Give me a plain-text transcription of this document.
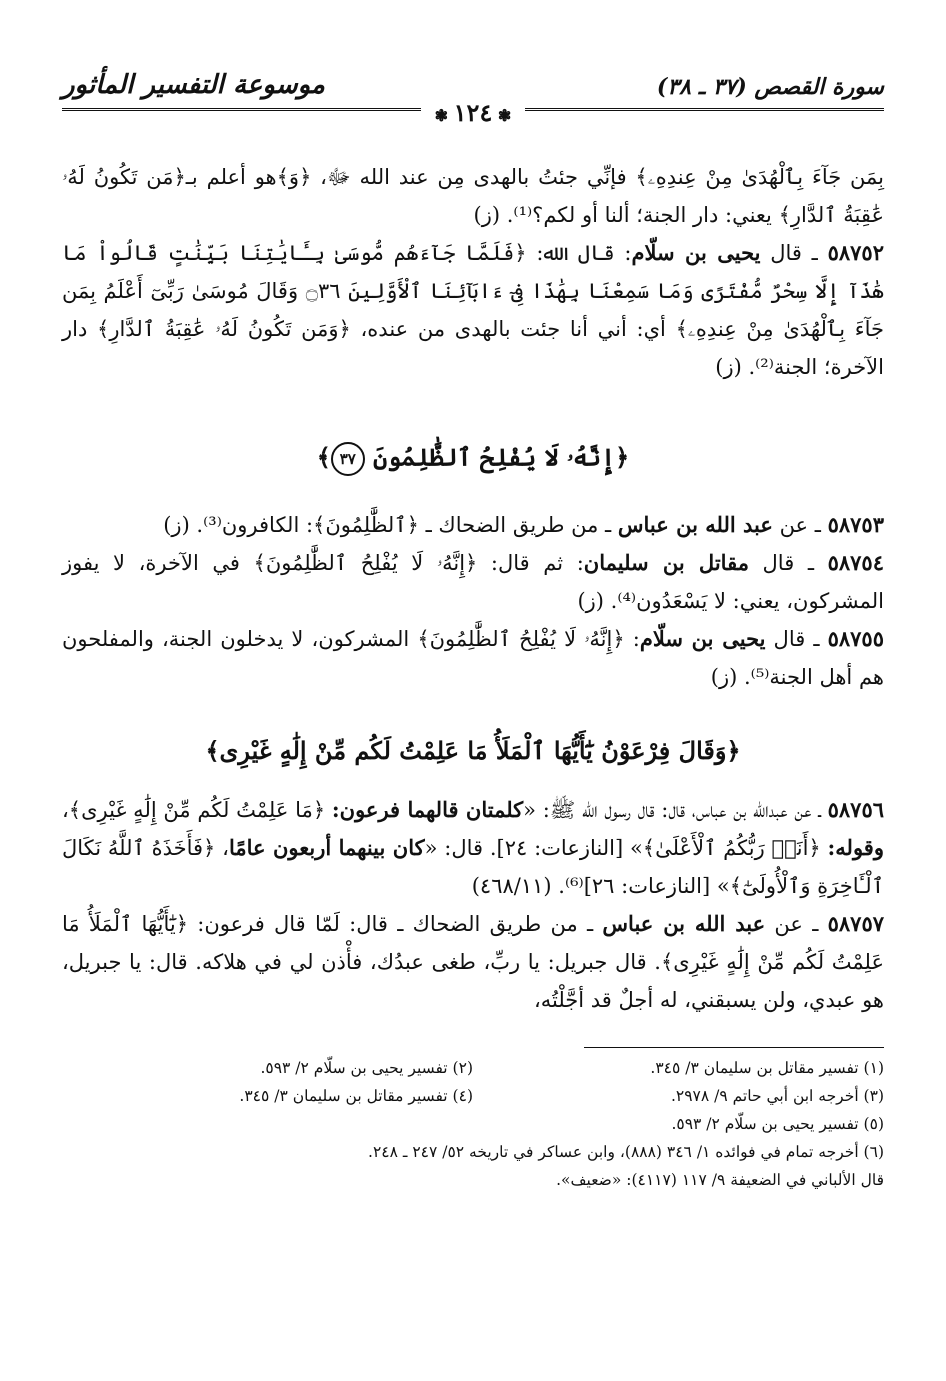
سورة القصص (٣٧ ـ ٣٨)
موسوعة التفسير المأثور
❃ ١٢٤ ❃

بِمَن جَآءَ بِٱلْهُدَىٰ مِنْ عِندِهِۦ﴾ فإنِّي جئتُ بالهدى مِن عند الله ﷻ، ﴿وَ﴾هو أعلم بـ﴿مَن تَكُونُ لَهُۥ عَٰقِبَةُ ٱلدَّارِ﴾ يعني: دار الجنة؛ ألنا أو لكم؟⁽¹⁾. (ز)

٥٨٧٥٢ ـ قال يحيى بن سلّام: قال الله: ﴿فَلَمَّا جَآءَهُم مُّوسَىٰ بِـَٔايَٰتِنَا بَيِّنَٰتٍ قَالُواْ مَا هَٰذَآ إِلَّا سِحْرٌ مُّفْتَرًى وَمَا سَمِعْنَا بِهَٰذَا فِىٓ ءَابَآئِنَا ٱلْأَوَّلِينَ ۝٣٦ وَقَالَ مُوسَىٰ رَبِّىٓ أَعْلَمُ بِمَن جَآءَ بِٱلْهُدَىٰ مِنْ عِندِهِۦ﴾ أي: أني أنا جئت بالهدى من عنده، ﴿وَمَن تَكُونُ لَهُۥ عَٰقِبَةُ ٱلدَّارِ﴾ دار الآخرة؛ الجنة⁽²⁾. (ز)

﴿إِنَّهُۥ لَا يُفْلِحُ ٱلظَّٰلِمُونَ ٣٧﴾

٥٨٧٥٣ ـ عن عبد الله بن عباس ـ من طريق الضحاك ـ ﴿ٱلظَّٰلِمُونَ﴾: الكافرون⁽³⁾. (ز)

٥٨٧٥٤ ـ قال مقاتل بن سليمان: ثم قال: ﴿إِنَّهُۥ لَا يُفْلِحُ ٱلظَّٰلِمُونَ﴾ في الآخرة، لا يفوز المشركون، يعني: لا يَسْعَدُون⁽⁴⁾. (ز)

٥٨٧٥٥ ـ قال يحيى بن سلّام: ﴿إِنَّهُۥ لَا يُفْلِحُ ٱلظَّٰلِمُونَ﴾ المشركون، لا يدخلون الجنة، والمفلحون هم أهل الجنة⁽⁵⁾. (ز)

﴿وَقَالَ فِرْعَوْنُ يَٰٓأَيُّهَا ٱلْمَلَأُ مَا عَلِمْتُ لَكُم مِّنْ إِلَٰهٍ غَيْرِى﴾

٥٨٧٥٦ ـ عن عبدالله بن عباس، قال: قال رسول الله ﷺ: «كلمتان قالهما فرعون: ﴿مَا عَلِمْتُ لَكُم مِّنْ إِلَٰهٍ غَيْرِى﴾، وقوله: ﴿أَنَا۠ رَبُّكُمُ ٱلْأَعْلَىٰ﴾» [النازعات: ٢٤]. قال: «كان بينهما أربعون عامًا، ﴿فَأَخَذَهُ ٱللَّهُ نَكَالَ ٱلْـَٔاخِرَةِ وَٱلْأُولَىٰٓ﴾» [النازعات: ٢٦]⁽⁶⁾. (٤٦٨/١١)

٥٨٧٥٧ ـ عن عبد الله بن عباس ـ من طريق الضحاك ـ قال: لَمّا قال فرعون: ﴿يَٰٓأَيُّهَا ٱلْمَلَأُ مَا عَلِمْتُ لَكُم مِّنْ إِلَٰهٍ غَيْرِى﴾. قال جبريل: يا ربِّ، طغى عبدُك، فأْذن لي في هلاكه. قال: يا جبريل، هو عبدي، ولن يسبقني، له أجلٌ قد أجَّلْتُه،

(١) تفسير مقاتل بن سليمان ٣/ ٣٤٥.
(٢) تفسير يحيى بن سلّام ٢/ ٥٩٣.
(٣) أخرجه ابن أبي حاتم ٩/ ٢٩٧٨.
(٤) تفسير مقاتل بن سليمان ٣/ ٣٤٥.

(٥) تفسير يحيى بن سلّام ٢/ ٥٩٣.

(٦) أخرجه تمام في فوائده ١/ ٣٤٦ (٨٨٨)، وابن عساكر في تاريخه ٥٢/ ٢٤٧ ـ ٢٤٨.

قال الألباني في الضعيفة ٩/ ١١٧ (٤١١٧): «ضعيف».
